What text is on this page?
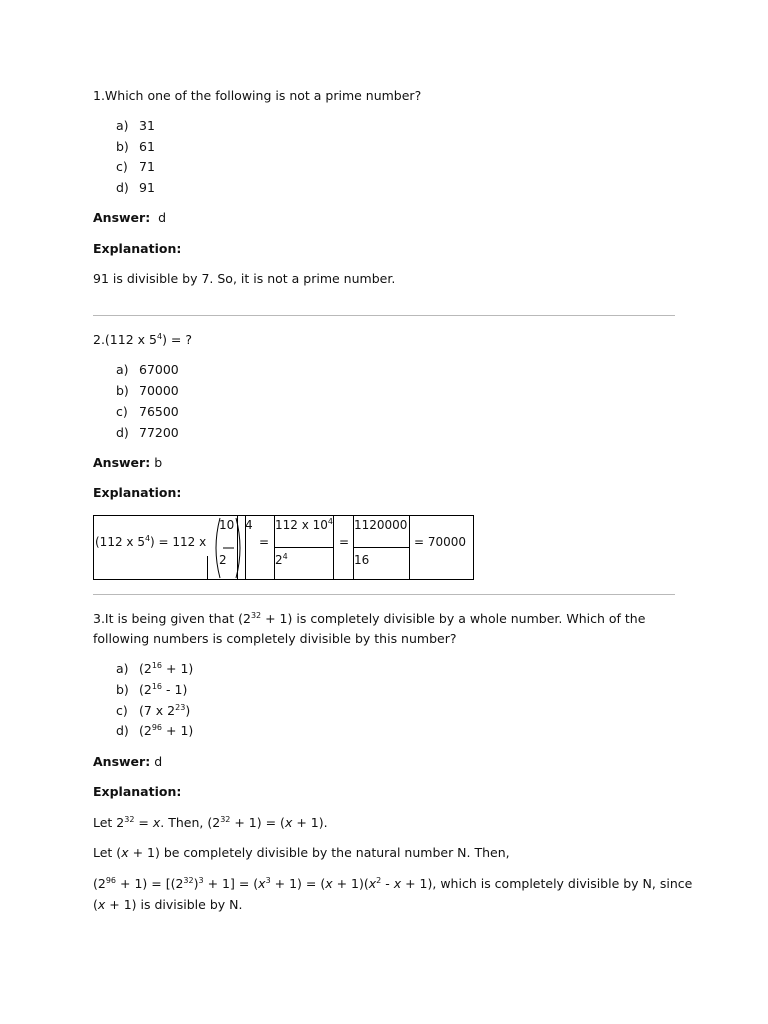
1.Which one of the following is not a prime number?
a) 31
b) 61
c) 71
d) 91
Answer: d
Explanation:
91 is divisible by 7. So, it is not a prime number.
2.(112 x $5^4$) = ?
a) 67000
b) 70000
c) 76500
d) 77200
Answer: b
Explanation:
(112 x $5^4) = 112$ x
10
2
4
=
112 x $10^4$
$2^4$
=
1120000
16
= 70000
3.It is being given that $(2^{32} + 1)$ is completely divisible by a whole number. Which of the
following numbers is completely divisible by this number?
a) $(2^{16} + 1)$
b) $(2^{16} - 1)$
c) (7 x $2^{23}$)
d) $(2^{96} + 1)$
Answer: d
Explanation:
Let $2^{32} = x$. Then, $(2^{32} + 1) = (x + 1)$.
Let (x + 1) be completely divisible by the natural number N. Then,
$(2^{96} + 1) = [(2^{32})^3 + 1] = (x^3 + 1) = (x + 1)(x^2 - x + 1)$, which is completely divisible by N, since
(x + 1) is divisible by N.
